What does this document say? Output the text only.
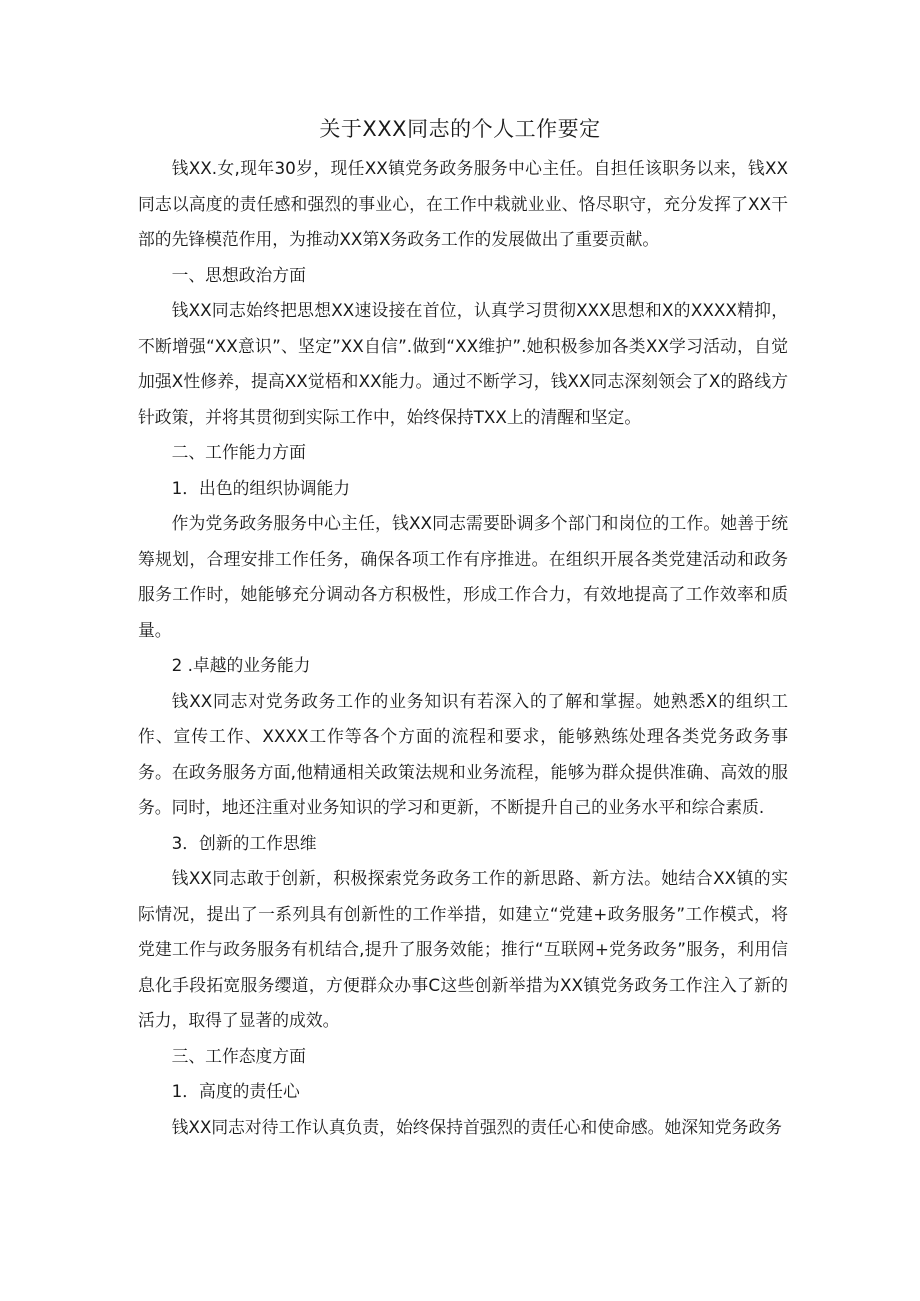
关于XXX同志的个人工作要定

钱XX.女,现年30岁，现任XX镇党务政务服务中心主任。自担任该职务以来，钱XX同志以高度的责任感和强烈的事业心，在工作中栽就业业、恪尽职守，充分发挥了XX干部的先锋模范作用，为推动XX第X务政务工作的发展做出了重要贡献。

一、思想政治方面

钱XX同志始终把思想XX速设接在首位，认真学习贯彻XXX思想和X的XXXX精抑，不断增强“XX意识”、坚定”XX自信”.做到“XX维护”.她积极参加各类XX学习活动，自觉加强X性修养，提高XX觉梧和XX能力。通过不断学习，钱XX同志深刻领会了X的路线方针政策，并将其贯彻到实际工作中，始终保持TXX上的清醒和坚定。

二、工作能力方面

1．出色的组织协调能力

作为党务政务服务中心主任，钱XX同志需要卧调多个部门和岗位的工作。她善于统筹规划，合理安排工作任务，确保各项工作有序推进。在组织开展各类党建活动和政务服务工作时，她能够充分调动各方积极性，形成工作合力，有效地提高了工作效率和质量。

2 .卓越的业务能力

钱XX同志对党务政务工作的业务知识有若深入的了解和掌握。她熟悉X的组织工作、宣传工作、XXXX工作等各个方面的流程和要求，能够熟练处理各类党务政务事务。在政务服务方面,他精通相关政策法规和业务流程，能够为群众提供准确、高效的服务。同时，地还注重对业务知识的学习和更新，不断提升自己的业务水平和综合素质.

3．创新的工作思维

钱XX同志敢于创新，积极探索党务政务工作的新思路、新方法。她结合XX镇的实际情况，提出了一系列具有创新性的工作举措，如建立“党建+政务服务”工作模式，将党建工作与政务服务有机结合,提升了服务效能；推行“互联网+党务政务”服务，利用信息化手段拓宽服务缨道，方便群众办事C这些创新举措为XX镇党务政务工作注入了新的活力，取得了显著的成效。

三、工作态度方面

1．高度的责任心

钱XX同志对待工作认真负责，始终保持首强烈的责任心和使命感。她深知党务政务
